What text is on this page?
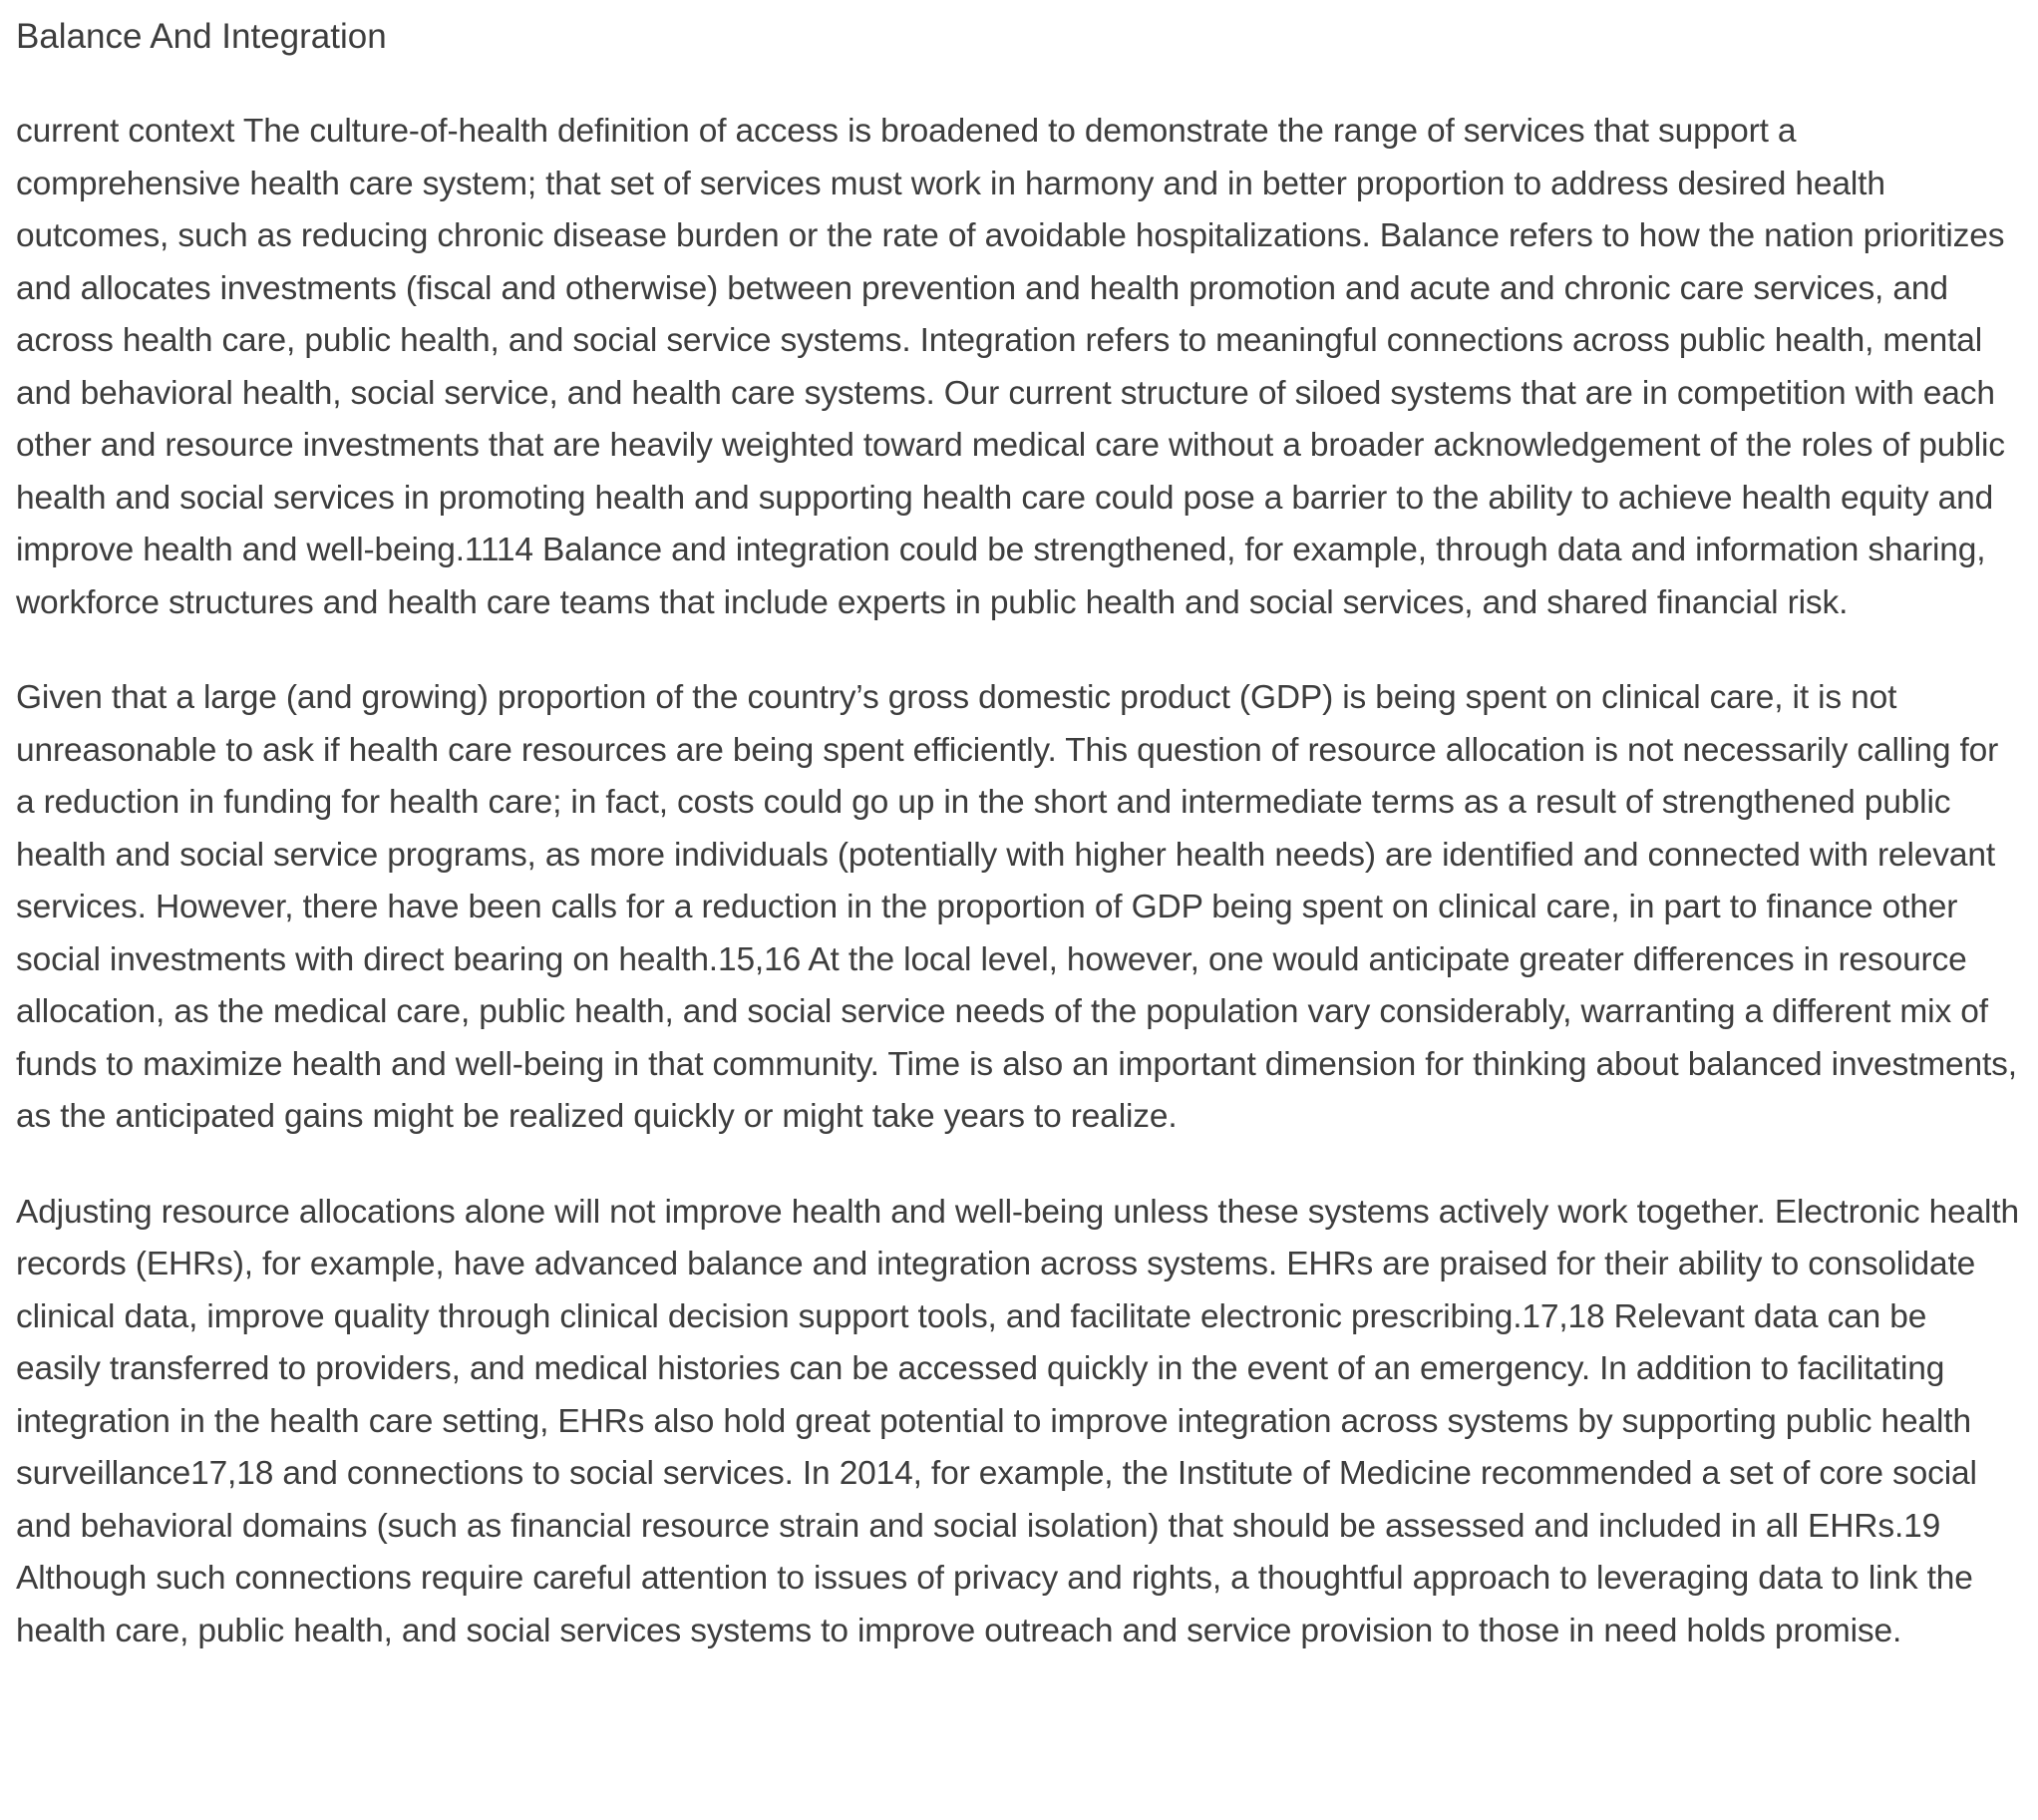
Balance And Integration

current context The culture-of-health definition of access is broadened to demonstrate the range of services that support a comprehensive health care system; that set of services must work in harmony and in better proportion to address desired health outcomes, such as reducing chronic disease burden or the rate of avoidable hospitalizations. Balance refers to how the nation prioritizes and allocates investments (fiscal and otherwise) between prevention and health promotion and acute and chronic care services, and across health care, public health, and social service systems. Integration refers to meaningful connections across public health, mental and behavioral health, social service, and health care systems. Our current structure of siloed systems that are in competition with each other and resource investments that are heavily weighted toward medical care without a broader acknowledgement of the roles of public health and social services in promoting health and supporting health care could pose a barrier to the ability to achieve health equity and improve health and well-being.1114 Balance and integration could be strengthened, for example, through data and information sharing, workforce structures and health care teams that include experts in public health and social services, and shared financial risk.

Given that a large (and growing) proportion of the country’s gross domestic product (GDP) is being spent on clinical care, it is not unreasonable to ask if health care resources are being spent efficiently. This question of resource allocation is not necessarily calling for a reduction in funding for health care; in fact, costs could go up in the short and intermediate terms as a result of strengthened public health and social service programs, as more individuals (potentially with higher health needs) are identified and connected with relevant services. However, there have been calls for a reduction in the proportion of GDP being spent on clinical care, in part to finance other social investments with direct bearing on health.15,16 At the local level, however, one would anticipate greater differences in resource allocation, as the medical care, public health, and social service needs of the population vary considerably, warranting a different mix of funds to maximize health and well-being in that community. Time is also an important dimension for thinking about balanced investments, as the anticipated gains might be realized quickly or might take years to realize.

Adjusting resource allocations alone will not improve health and well-being unless these systems actively work together. Electronic health records (EHRs), for example, have advanced balance and integration across systems. EHRs are praised for their ability to consolidate clinical data, improve quality through clinical decision support tools, and facilitate electronic prescribing.17,18 Relevant data can be easily transferred to providers, and medical histories can be accessed quickly in the event of an emergency. In addition to facilitating integration in the health care setting, EHRs also hold great potential to improve integration across systems by supporting public health surveillance17,18 and connections to social services. In 2014, for example, the Institute of Medicine recommended a set of core social and behavioral domains (such as financial resource strain and social isolation) that should be assessed and included in all EHRs.19 Although such connections require careful attention to issues of privacy and rights, a thoughtful approach to leveraging data to link the health care, public health, and social services systems to improve outreach and service provision to those in need holds promise.
